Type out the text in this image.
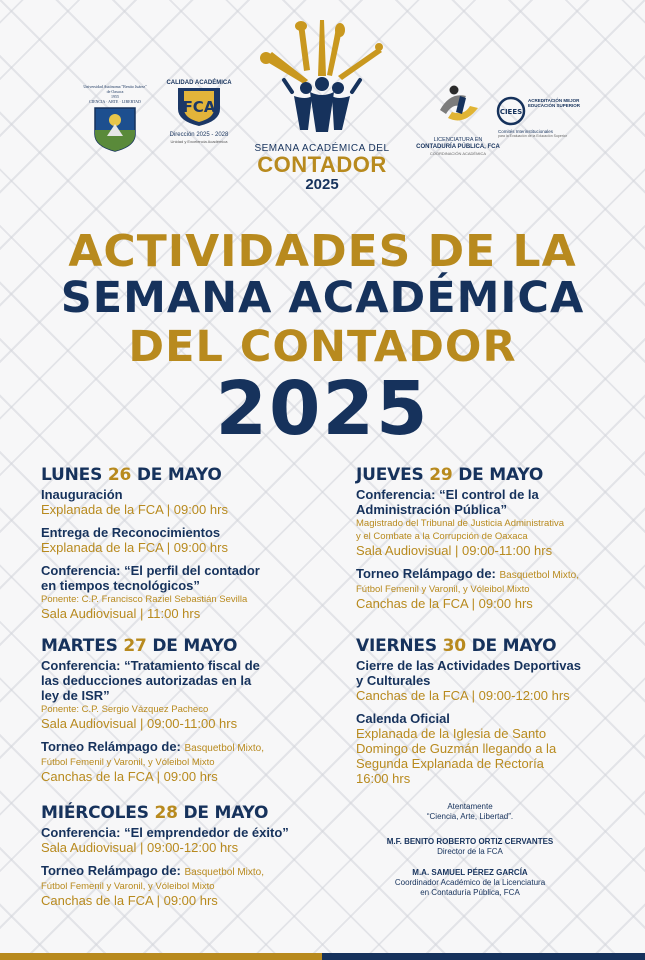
Universidad Autónoma "Benito Juárez" de Oaxaca
1955
CIENCIA · ARTE · LIBERTAD
CALIDAD ACADÉMICA
FCA
Dirección 2025 - 2028
Unidad y Excelencia Académica
SEMANA ACADÉMICA DEL
CONTADOR
2025
LICENCIATURA EN
CONTADURÍA PÚBLICA, FCA
COORDINACIÓN ACADÉMICA
CIEES
ACREDITACIÓN MEJOR EDUCACIÓN SUPERIOR
Comités Interinstitucionales
para la Evaluación de la Educación Superior
ACTIVIDADES DE LA
SEMANA ACADÉMICA
DEL CONTADOR
2025
LUNES 26 DE MAYO
Inauguración
Explanada de la FCA | 09:00 hrs
Entrega de Reconocimientos
Explanada de la FCA | 09:00 hrs
Conferencia: “El perfil del contador
en tiempos tecnológicos”
Ponente: C.P. Francisco Raziel Sebastián Sevilla
Sala Audiovisual | 11:00 hrs
MARTES 27 DE MAYO
Conferencia: “Tratamiento fiscal de
las deducciones autorizadas en la
ley de ISR”
Ponente: C.P. Sergio Vázquez Pacheco
Sala Audiovisual | 09:00-11:00 hrs
Torneo Relámpago de: Basquetbol Mixto,
Fútbol Femenil y Varonil, y Vóleibol Mixto
Canchas de la FCA | 09:00 hrs
MIÉRCOLES 28 DE MAYO
Conferencia: “El emprendedor de éxito”
Sala Audiovisual | 09:00-12:00 hrs
Torneo Relámpago de: Basquetbol Mixto,
Fútbol Femenil y Varonil, y Vóleibol Mixto
Canchas de la FCA | 09:00 hrs
JUEVES 29 DE MAYO
Conferencia: “El control de la
Administración Pública”
Magistrado del Tribunal de Justicia Administrativa
y el Combate a la Corrupción de Oaxaca
Sala Audiovisual | 09:00-11:00 hrs
Torneo Relámpago de: Basquetbol Mixto,
Fútbol Femenil y Varonil, y Vóleibol Mixto
Canchas de la FCA | 09:00 hrs
VIERNES 30 DE MAYO
Cierre de las Actividades Deportivas
y Culturales
Canchas de la FCA | 09:00-12:00 hrs
Calenda Oficial
Explanada de la Iglesia de Santo
Domingo de Guzmán llegando a la
Segunda Explanada de Rectoría
16:00 hrs
Atentamente
“Ciencia, Arte, Libertad”.
M.F. BENITO ROBERTO ORTIZ CERVANTES
Director de la FCA
M.A. SAMUEL PÉREZ GARCÍA
Coordinador Académico de la Licenciatura
en Contaduría Pública, FCA
